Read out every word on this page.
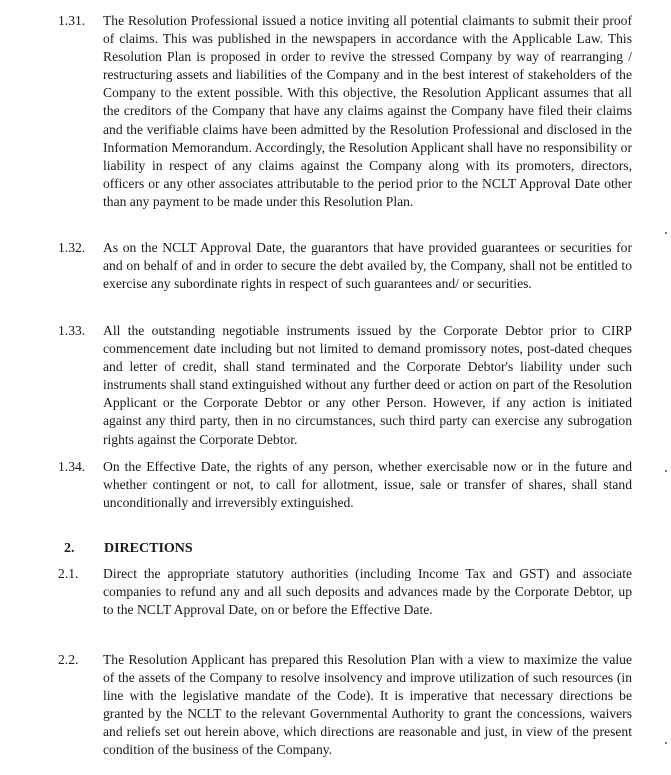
1.31.	The Resolution Professional issued a notice inviting all potential claimants to submit their proof of claims. This was published in the newspapers in accordance with the Applicable Law. This Resolution Plan is proposed in order to revive the stressed Company by way of rearranging / restructuring assets and liabilities of the Company and in the best interest of stakeholders of the Company to the extent possible. With this objective, the Resolution Applicant assumes that all the creditors of the Company that have any claims against the Company have filed their claims and the verifiable claims have been admitted by the Resolution Professional and disclosed in the Information Memorandum. Accordingly, the Resolution Applicant shall have no responsibility or liability in respect of any claims against the Company along with its promoters, directors, officers or any other associates attributable to the period prior to the NCLT Approval Date other than any payment to be made under this Resolution Plan.
1.32.	As on the NCLT Approval Date, the guarantors that have provided guarantees or securities for and on behalf of and in order to secure the debt availed by, the Company, shall not be entitled to exercise any subordinate rights in respect of such guarantees and/ or securities.
1.33.	All the outstanding negotiable instruments issued by the Corporate Debtor prior to CIRP commencement date including but not limited to demand promissory notes, post-dated cheques and letter of credit, shall stand terminated and the Corporate Debtor's liability under such instruments shall stand extinguished without any further deed or action on part of the Resolution Applicant or the Corporate Debtor or any other Person. However, if any action is initiated against any third party, then in no circumstances, such third party can exercise any subrogation rights against the Corporate Debtor.
1.34.	On the Effective Date, the rights of any person, whether exercisable now or in the future and whether contingent or not, to call for allotment, issue, sale or transfer of shares, shall stand unconditionally and irreversibly extinguished.
2. DIRECTIONS
2.1.	Direct the appropriate statutory authorities (including Income Tax and GST) and associate companies to refund any and all such deposits and advances made by the Corporate Debtor, up to the NCLT Approval Date, on or before the Effective Date.
2.2.	The Resolution Applicant has prepared this Resolution Plan with a view to maximize the value of the assets of the Company to resolve insolvency and improve utilization of such resources (in line with the legislative mandate of the Code). It is imperative that necessary directions be granted by the NCLT to the relevant Governmental Authority to grant the concessions, waivers and reliefs set out herein above, which directions are reasonable and just, in view of the present condition of the business of the Company.
